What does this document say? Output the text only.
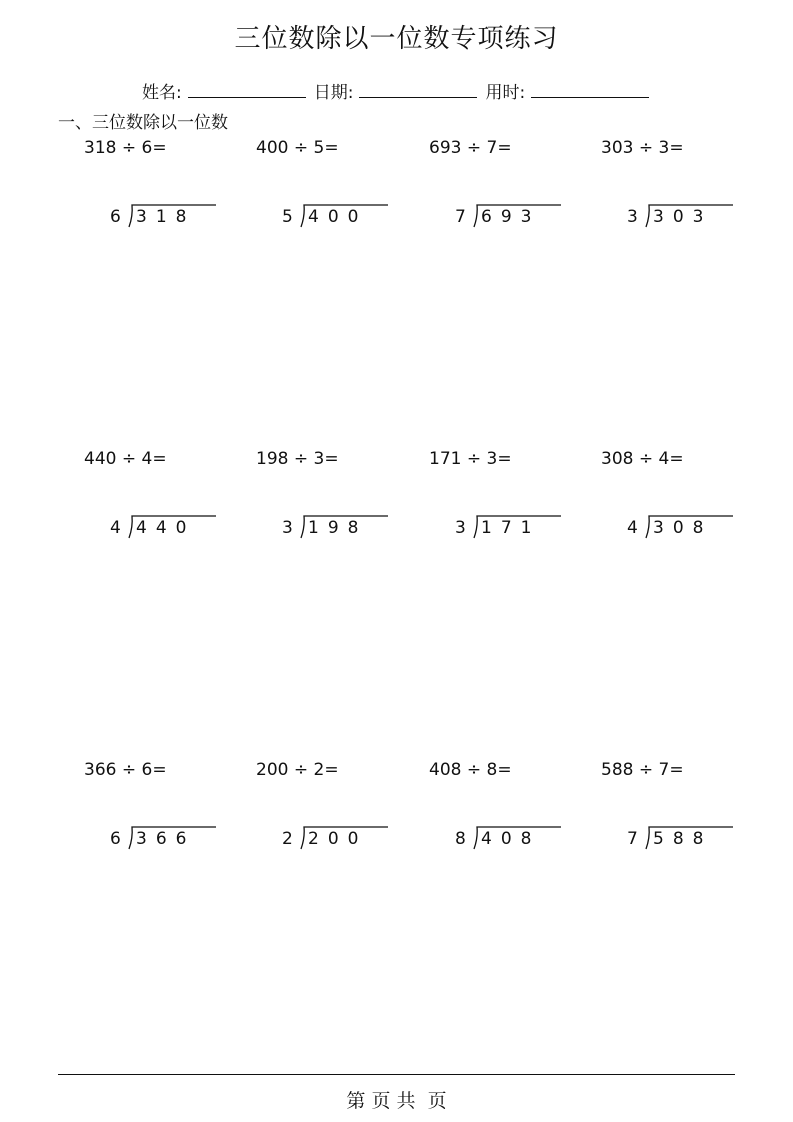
三位数除以一位数专项练习
姓名:	日期:	用时:
一、三位数除以一位数
318 ÷ 6=
6 318
400 ÷ 5=
5 400
693 ÷ 7=
7 693
303 ÷ 3=
3 303
440 ÷ 4=
4 440
198 ÷ 3=
3 198
171 ÷ 3=
3 171
308 ÷ 4=
4 308
366 ÷ 6=
6 366
200 ÷ 2=
2 200
408 ÷ 8=
8 408
588 ÷ 7=
7 588
第 页 共  页
